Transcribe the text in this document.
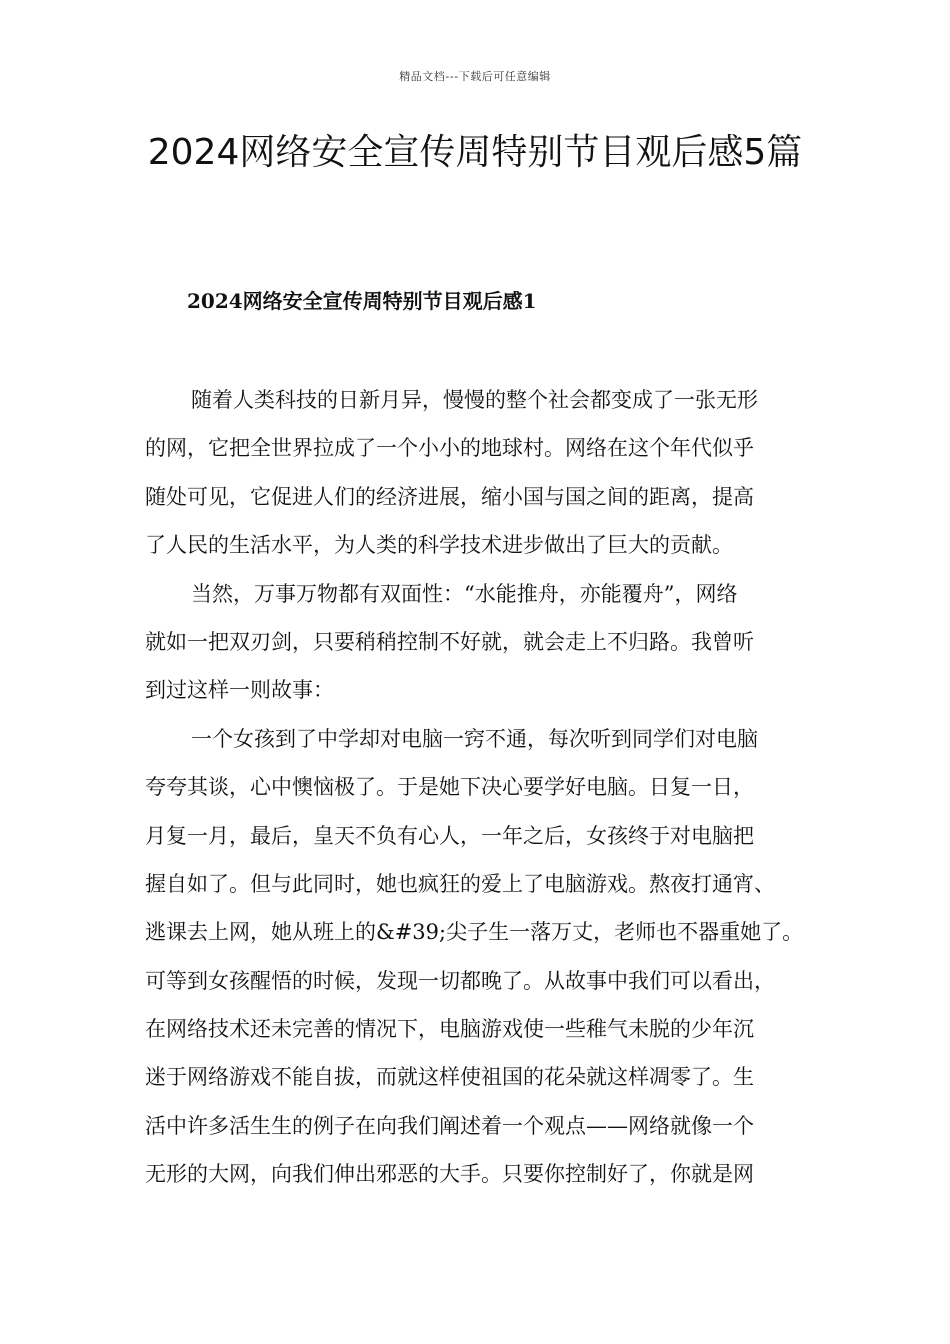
精品文档---下载后可任意编辑
2024网络安全宣传周特别节目观后感5篇
2024网络安全宣传周特别节目观后感1
随着人类科技的日新月异，慢慢的整个社会都变成了一张无形
的网，它把全世界拉成了一个小小的地球村。网络在这个年代似乎
随处可见，它促进人们的经济进展，缩小国与国之间的距离，提高
了人民的生活水平，为人类的科学技术进步做出了巨大的贡献。
当然，万事万物都有双面性：“水能推舟，亦能覆舟”，网络
就如一把双刃剑，只要稍稍控制不好就，就会走上不归路。我曾听
到过这样一则故事：
一个女孩到了中学却对电脑一窍不通，每次听到同学们对电脑
夸夸其谈，心中懊恼极了。于是她下决心要学好电脑。日复一日，
月复一月，最后，皇天不负有心人，一年之后，女孩终于对电脑把
握自如了。但与此同时，她也疯狂的爱上了电脑游戏。熬夜打通宵、
逃课去上网，她从班上的&#39;尖子生一落万丈，老师也不器重她了。
可等到女孩醒悟的时候，发现一切都晚了。从故事中我们可以看出，
在网络技术还未完善的情况下，电脑游戏使一些稚气未脱的少年沉
迷于网络游戏不能自拔，而就这样使祖国的花朵就这样凋零了。生
活中许多活生生的例子在向我们阐述着一个观点——网络就像一个
无形的大网，向我们伸出邪恶的大手。只要你控制好了，你就是网
